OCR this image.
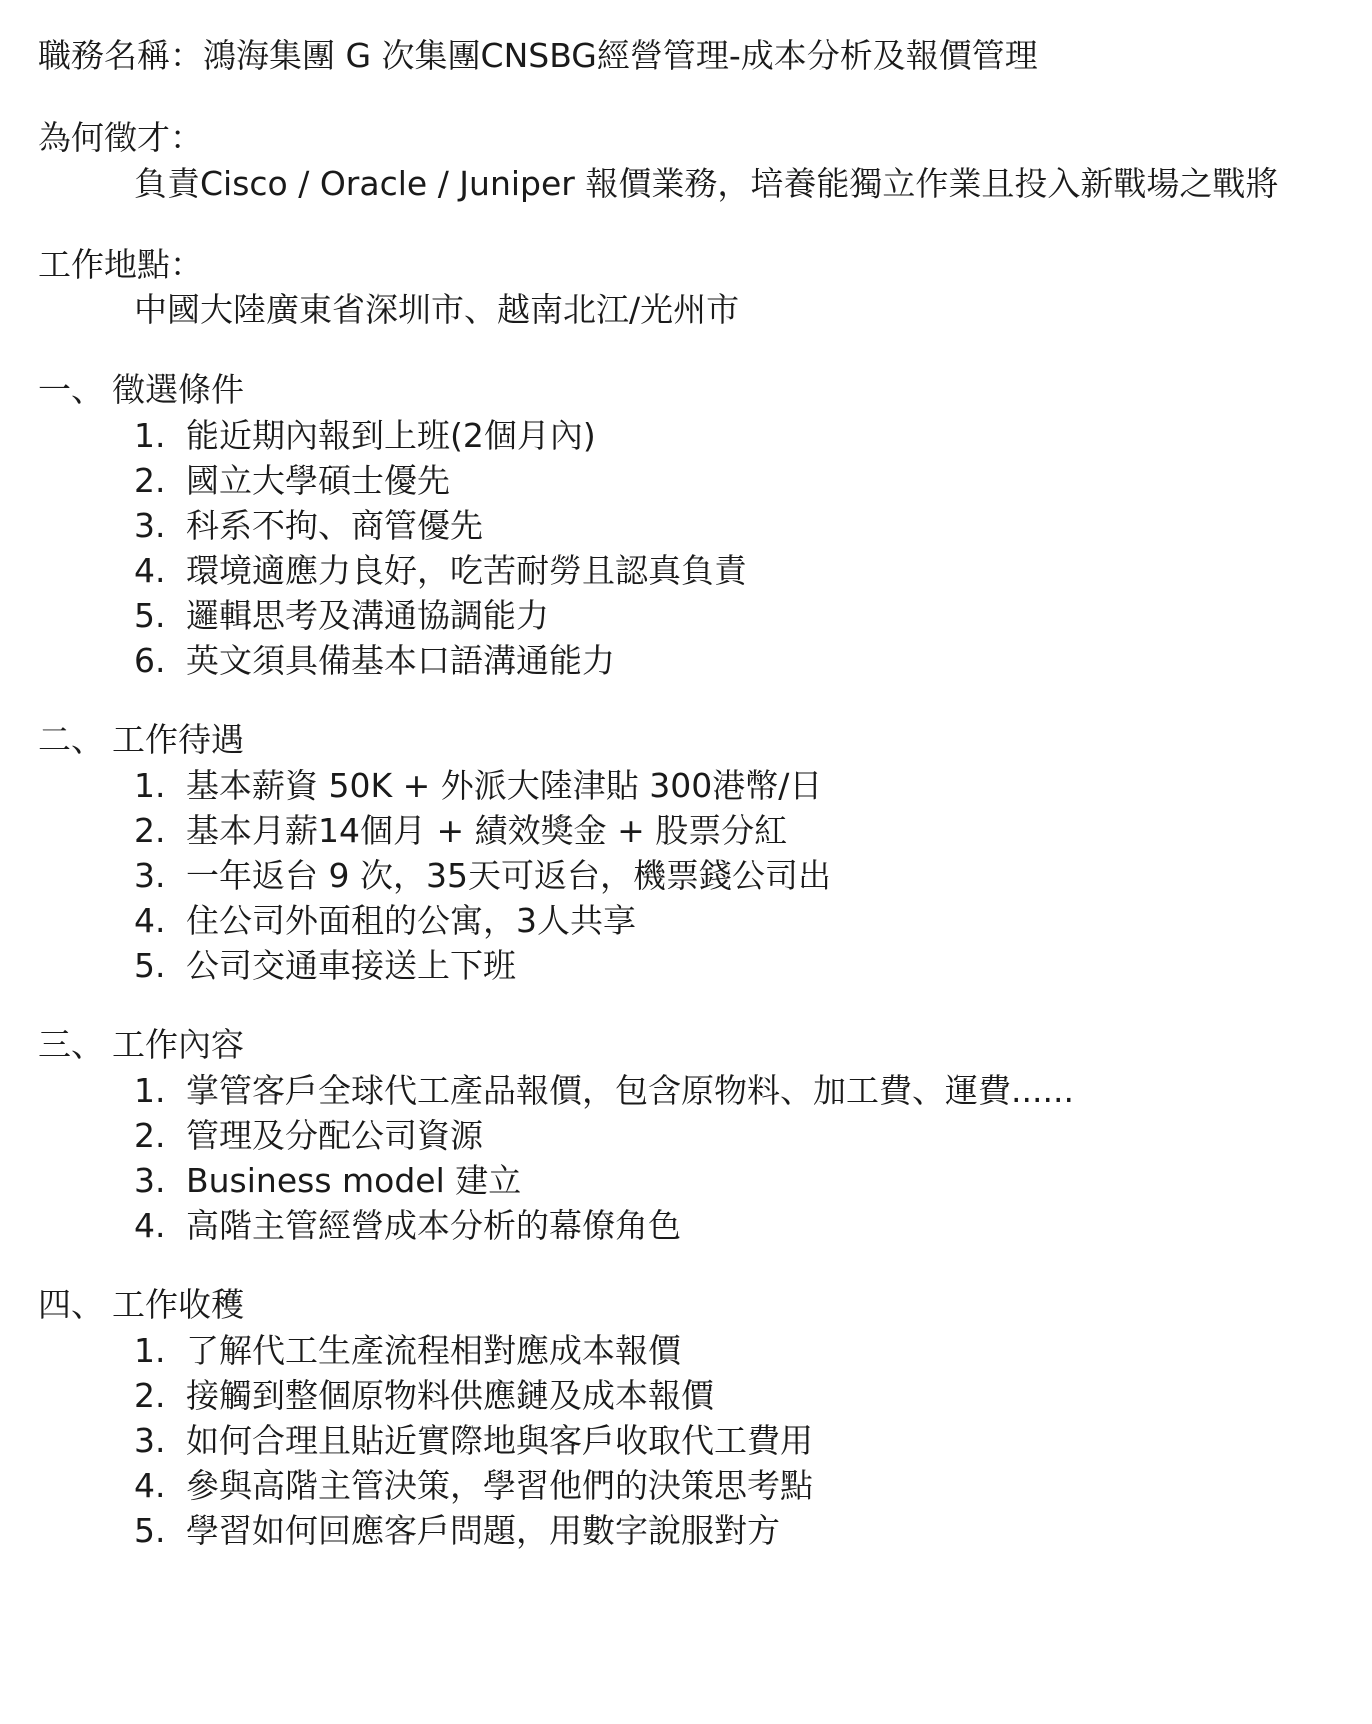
職務名稱：鴻海集團 G 次集團CNSBG經營管理-成本分析及報價管理
為何徵才：
負責Cisco / Oracle / Juniper 報價業務，培養能獨立作業且投入新戰場之戰將
工作地點：
中國大陸廣東省深圳市、越南北江/光州市
一、 徵選條件
1. 能近期內報到上班(2個月內)
2. 國立大學碩士優先
3. 科系不拘、商管優先
4. 環境適應力良好，吃苦耐勞且認真負責
5. 邏輯思考及溝通協調能力
6. 英文須具備基本口語溝通能力
二、 工作待遇
1. 基本薪資 50K + 外派大陸津貼 300港幣/日
2. 基本月薪14個月 + 績效獎金 + 股票分紅
3. 一年返台 9 次，35天可返台，機票錢公司出
4. 住公司外面租的公寓，3人共享
5. 公司交通車接送上下班
三、 工作內容
1. 掌管客戶全球代工產品報價，包含原物料、加工費、運費......
2. 管理及分配公司資源
3. Business model 建立
4. 高階主管經營成本分析的幕僚角色
四、 工作收穫
1. 了解代工生產流程相對應成本報價
2. 接觸到整個原物料供應鏈及成本報價
3. 如何合理且貼近實際地與客戶收取代工費用
4. 參與高階主管決策，學習他們的決策思考點
5. 學習如何回應客戶問題，用數字說服對方
